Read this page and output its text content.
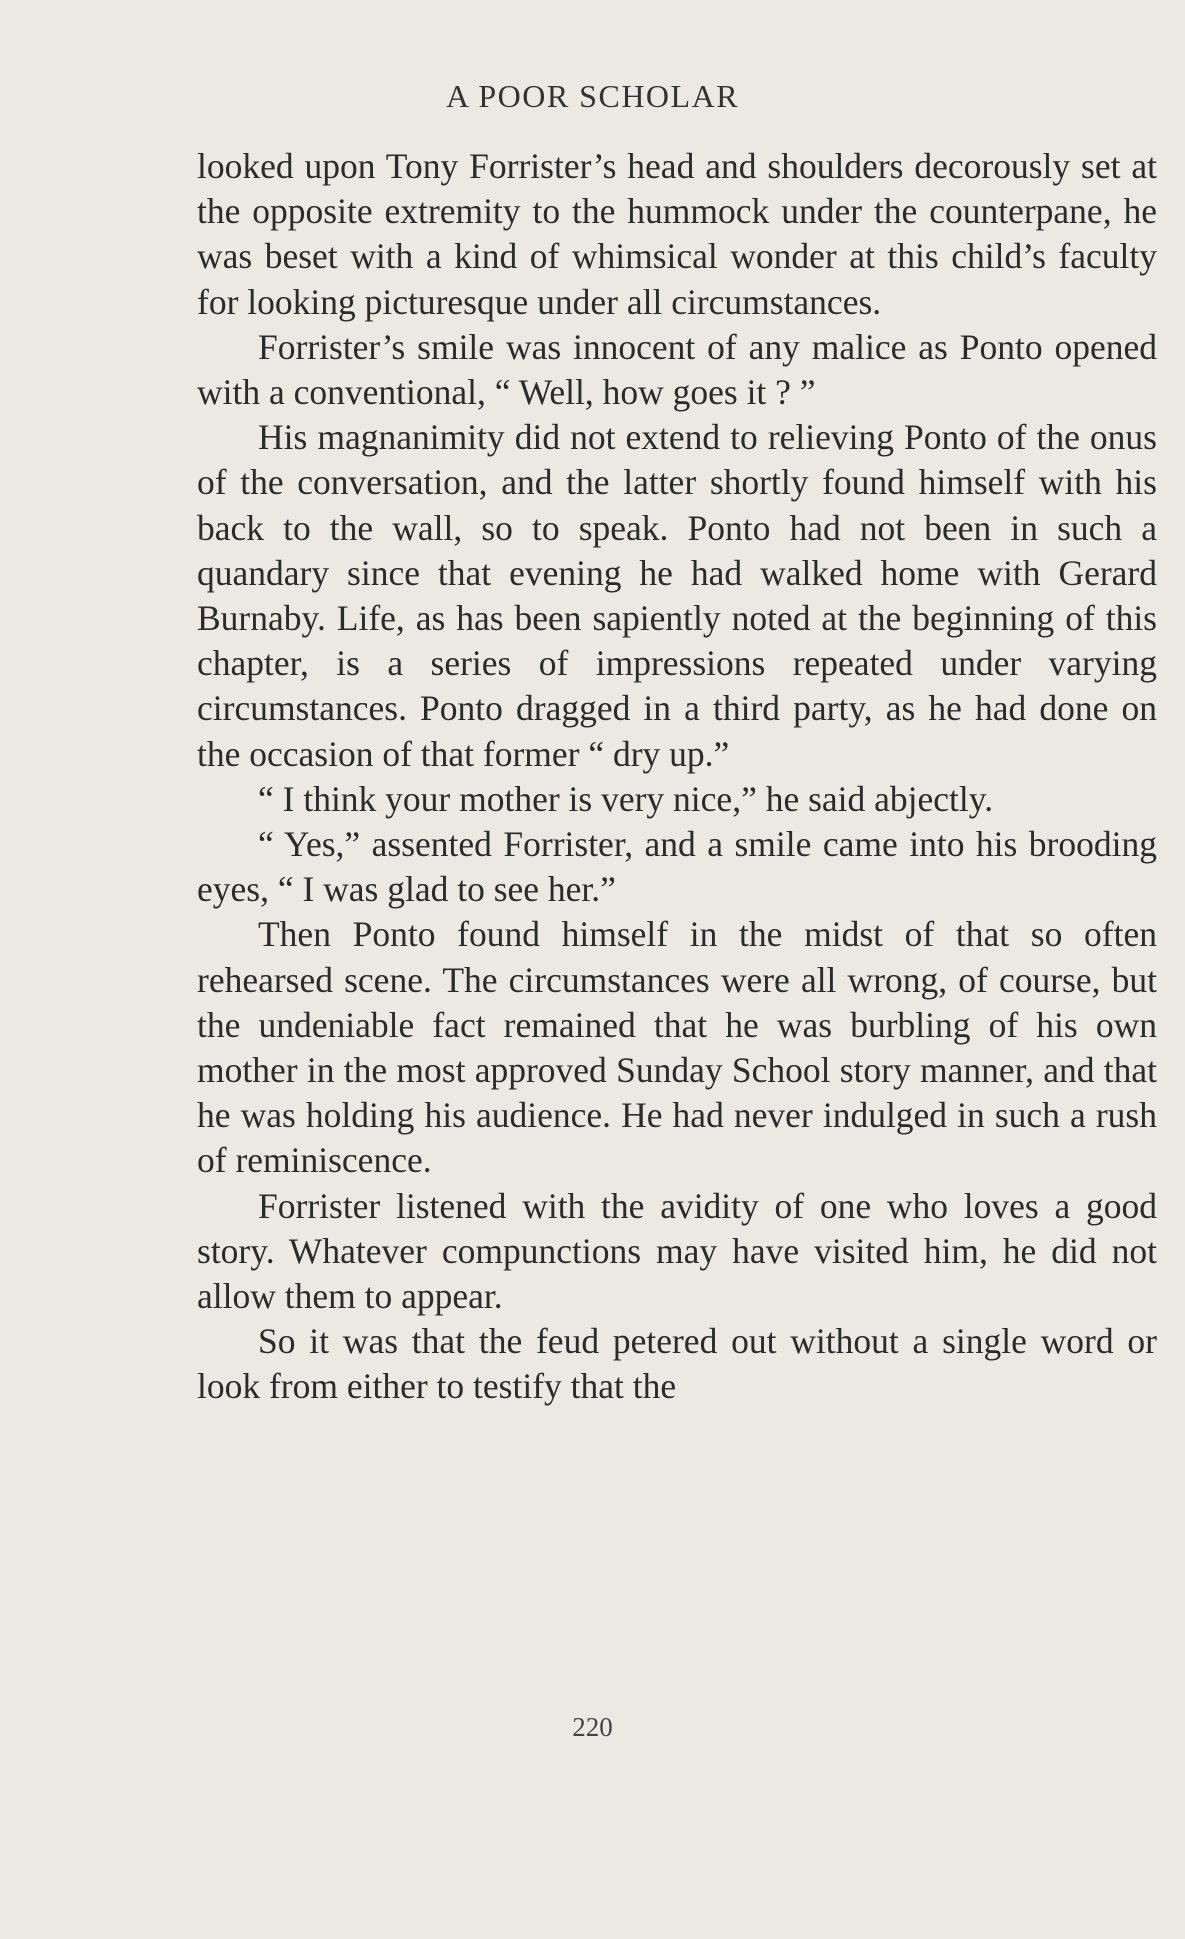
A POOR SCHOLAR

looked upon Tony Forrister’s head and shoulders decorously set at the opposite extremity to the hummock under the counterpane, he was beset with a kind of whimsical wonder at this child’s faculty for looking picturesque under all circumstances.

Forrister’s smile was innocent of any malice as Ponto opened with a conventional, “ Well, how goes it ? ”

His magnanimity did not extend to relieving Ponto of the onus of the conversation, and the latter shortly found himself with his back to the wall, so to speak. Ponto had not been in such a quandary since that evening he had walked home with Gerard Burnaby. Life, as has been sapiently noted at the beginning of this chapter, is a series of impressions repeated under varying circumstances. Ponto dragged in a third party, as he had done on the occasion of that former “ dry up.”

“ I think your mother is very nice,” he said abjectly.

“ Yes,” assented Forrister, and a smile came into his brooding eyes, “ I was glad to see her.”

Then Ponto found himself in the midst of that so often rehearsed scene. The circumstances were all wrong, of course, but the undeniable fact remained that he was burbling of his own mother in the most approved Sunday School story manner, and that he was holding his audience. He had never indulged in such a rush of reminiscence.

Forrister listened with the avidity of one who loves a good story. Whatever compunctions may have visited him, he did not allow them to appear.

So it was that the feud petered out without a single word or look from either to testify that the

220
